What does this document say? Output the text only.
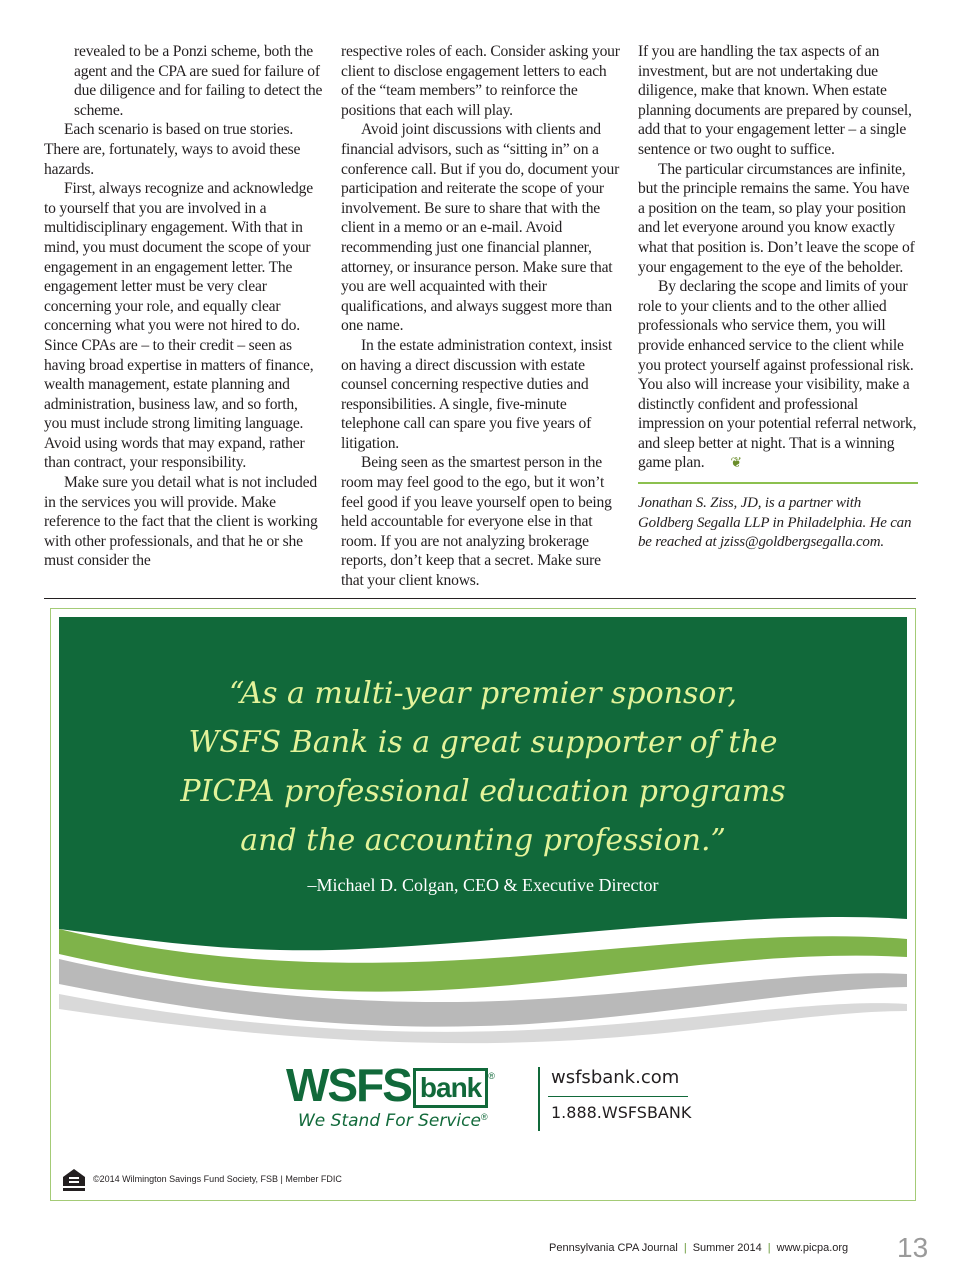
revealed to be a Ponzi scheme, both the agent and the CPA are sued for failure of due diligence and for failing to detect the scheme.

Each scenario is based on true stories. There are, fortunately, ways to avoid these hazards.

First, always recognize and acknowledge to yourself that you are involved in a multidisciplinary engagement. With that in mind, you must document the scope of your engagement in an engagement letter. The engagement letter must be very clear concerning your role, and equally clear concerning what you were not hired to do. Since CPAs are – to their credit – seen as having broad expertise in matters of finance, wealth management, estate planning and administration, business law, and so forth, you must include strong limiting language. Avoid using words that may expand, rather than contract, your responsibility.

Make sure you detail what is not included in the services you will provide. Make reference to the fact that the client is working with other professionals, and that he or she must consider the

respective roles of each. Consider asking your client to disclose engagement letters to each of the “team members” to reinforce the positions that each will play.

Avoid joint discussions with clients and financial advisors, such as “sitting in” on a conference call. But if you do, document your participation and reiterate the scope of your involvement. Be sure to share that with the client in a memo or an e-mail. Avoid recommending just one financial planner, attorney, or insurance person. Make sure that you are well acquainted with their qualifications, and always suggest more than one name.

In the estate administration context, insist on having a direct discussion with estate counsel concerning respective duties and responsibilities. A single, five-minute telephone call can spare you five years of litigation.

Being seen as the smartest person in the room may feel good to the ego, but it won’t feel good if you leave yourself open to being held accountable for everyone else in that room. If you are not analyzing brokerage reports, don’t keep that a secret. Make sure that your client knows.

If you are handling the tax aspects of an investment, but are not undertaking due diligence, make that known. When estate planning documents are prepared by counsel, add that to your engagement letter – a single sentence or two ought to suffice.

The particular circumstances are infinite, but the principle remains the same. You have a position on the team, so play your position and let everyone around you know exactly what that position is. Don’t leave the scope of your engagement to the eye of the beholder.

By declaring the scope and limits of your role to your clients and to the other allied professionals who service them, you will provide enhanced service to the client while you protect yourself against professional risk. You also will increase your visibility, make a distinctly confident and professional impression on your potential referral network, and sleep better at night. That is a winning game plan. ❦

Jonathan S. Ziss, JD, is a partner with Goldberg Segalla LLP in Philadelphia. He can be reached at jziss@goldbergsegalla.com.

“As a multi-year premier sponsor,
WSFS Bank is a great supporter of the
PICPA professional education programs
and the accounting profession.”
–Michael D. Colgan, CEO & Executive Director
WSFS bank ®
We Stand For Service®
wsfsbank.com
1.888.WSFSBANK
©2014 Wilmington Savings Fund Society, FSB | Member FDIC
Pennsylvania CPA Journal | Summer 2014 | www.picpa.org 13
